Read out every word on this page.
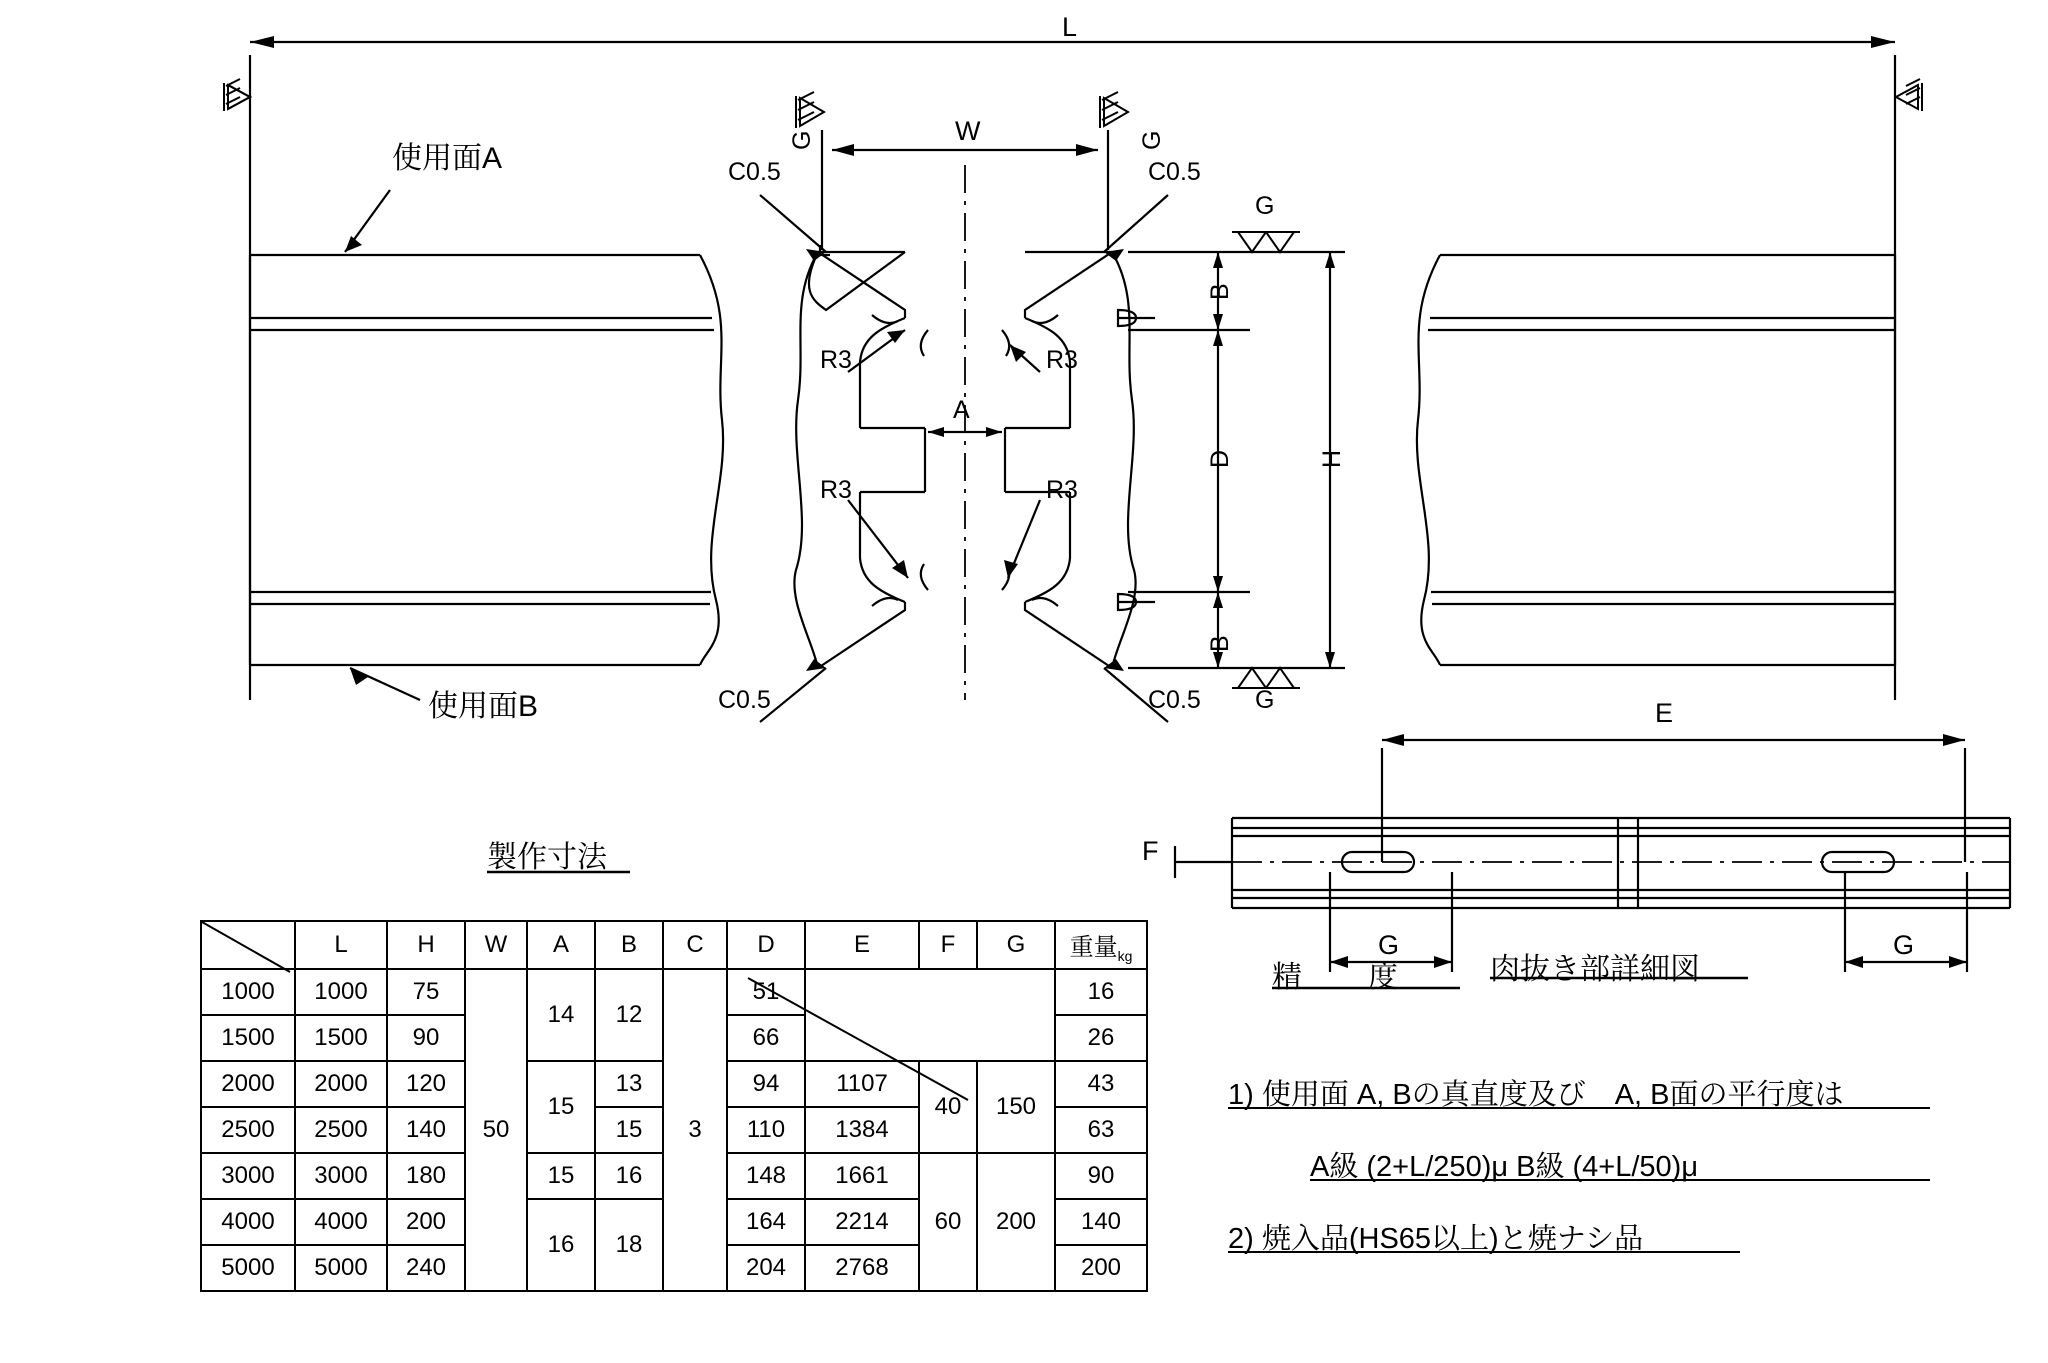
L
W
G	G
G
G
C0.5	C0.5
C0.5	C0.5
R3	R3
R3	R3
A
B
B
D	H
使用面A
使用面B	E
F
G	G
肉抜き部詳細図
製作寸法
	L	H	W	A	B	C	D	E	F	G	重量$_{kg}$
1000	1000	75	50	14	12	3	51				16
1500	1500	90					66				26
2000	2000	120		15	13		94	1107	40	150	43
2500	2500	140			15		110	1384			63
3000	3000	180		15	16		148	1661	60	200	90
4000	4000	200		16	18		164	2214			140
5000	5000	240					204	2768			200
精　　度
1) 使用面 A, Bの真直度及び　A, B面の平行度は
A級 (2+L/250)μ B級 (4+L/50)μ
2) 焼入品(HS65以上)と焼ナシ品
